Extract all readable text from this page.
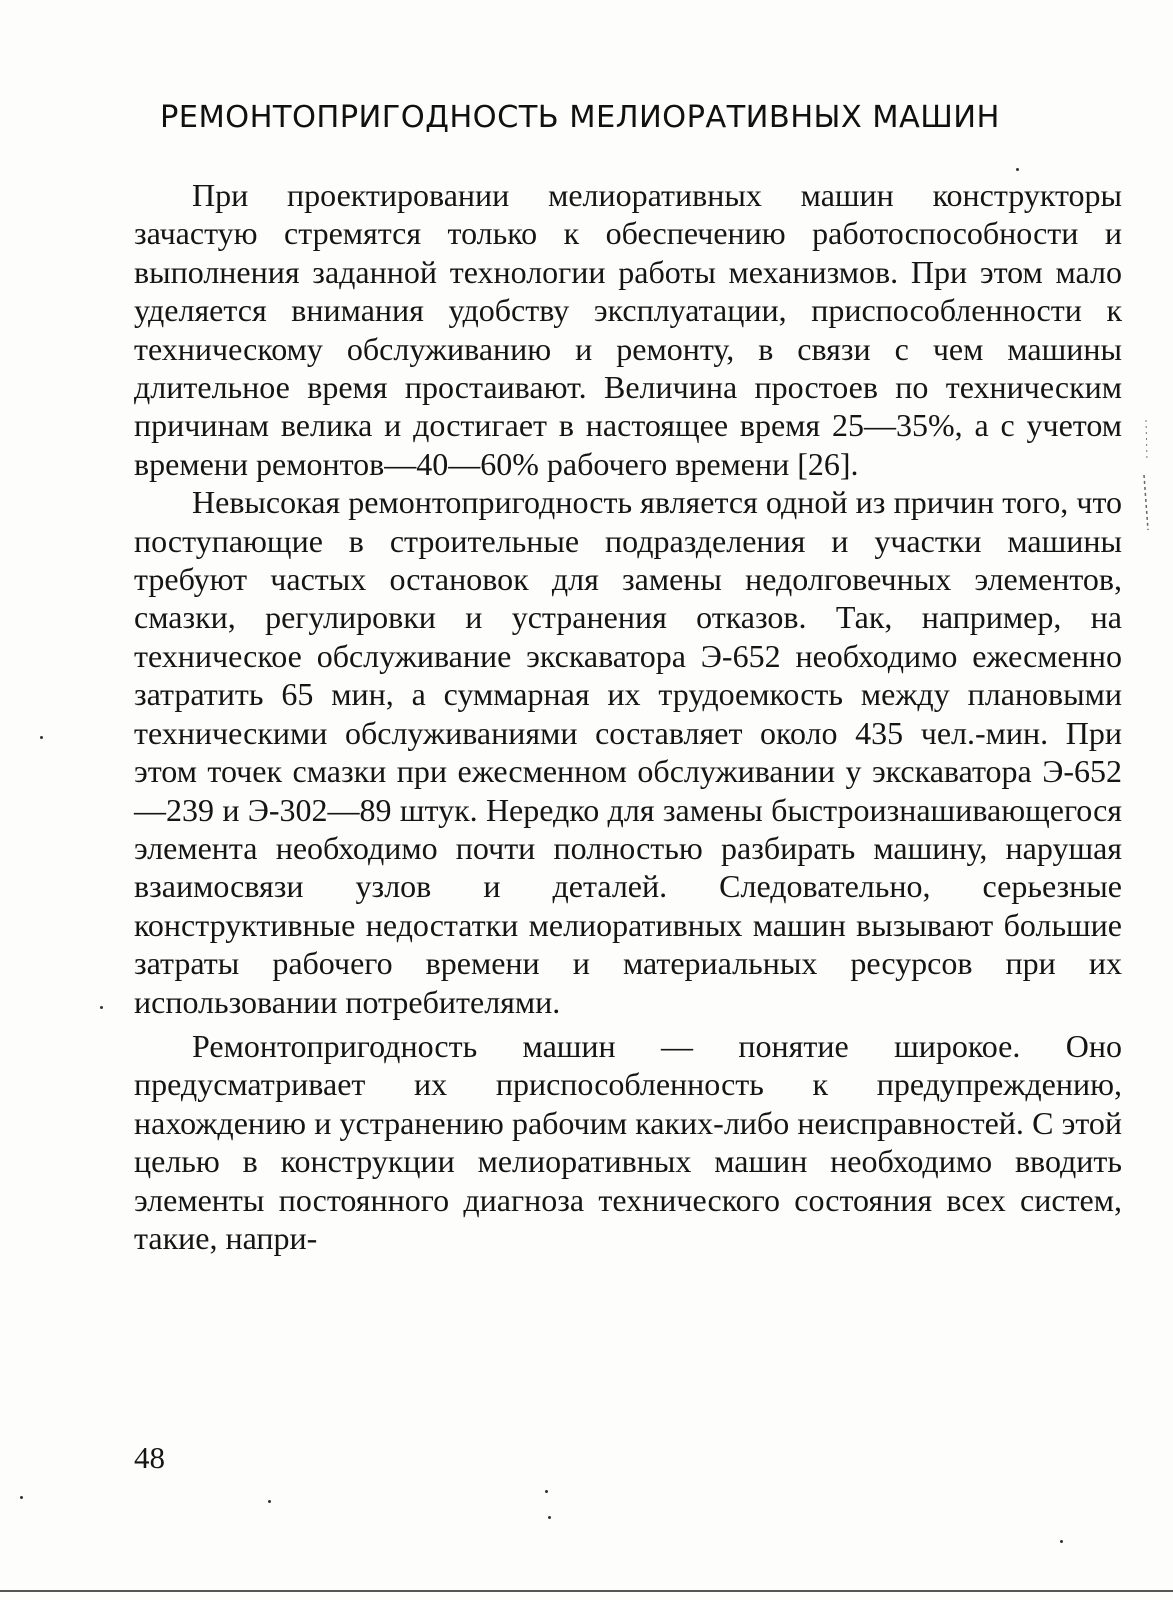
РЕМОНТОПРИГОДНОСТЬ МЕЛИОРАТИВНЫХ МАШИН

При проектировании мелиоративных машин конструкторы зачастую стремятся только к обеспечению работоспособности и выполнения заданной технологии работы механизмов. При этом мало уделяется внимания удобству эксплуатации, приспособленности к техническому обслуживанию и ремонту, в связи с чем машины длительное время простаивают. Величина простоев по техническим причинам велика и достигает в настоящее время 25—35%, а с учетом времени ремонтов—40—60% рабочего времени [26].

Невысокая ремонтопригодность является одной из причин того, что поступающие в строительные подразделения и участки машины требуют частых остановок для замены недолговечных элементов, смазки, регулировки и устранения отказов. Так, например, на техническое обслуживание экскаватора Э-652 необходимо ежесменно затратить 65 мин, а суммарная их трудоемкость между плановыми техническими обслуживаниями составляет около 435 чел.-мин. При этом точек смазки при ежесменном обслуживании у экскаватора Э-652—239 и Э-302—89 штук. Нередко для замены быстроизнашивающегося элемента необходимо почти полностью разбирать машину, нарушая взаимосвязи узлов и деталей. Следовательно, серьезные конструктивные недостатки мелиоративных машин вызывают большие затраты рабочего времени и материальных ресурсов при их использовании потребителями.

Ремонтопригодность машин — понятие широкое. Оно предусматривает их приспособленность к предупреждению, нахождению и устранению рабочим каких-либо неисправностей. С этой целью в конструкции мелиоративных машин необходимо вводить элементы постоянного диагноза технического состояния всех систем, такие, напри-

48
